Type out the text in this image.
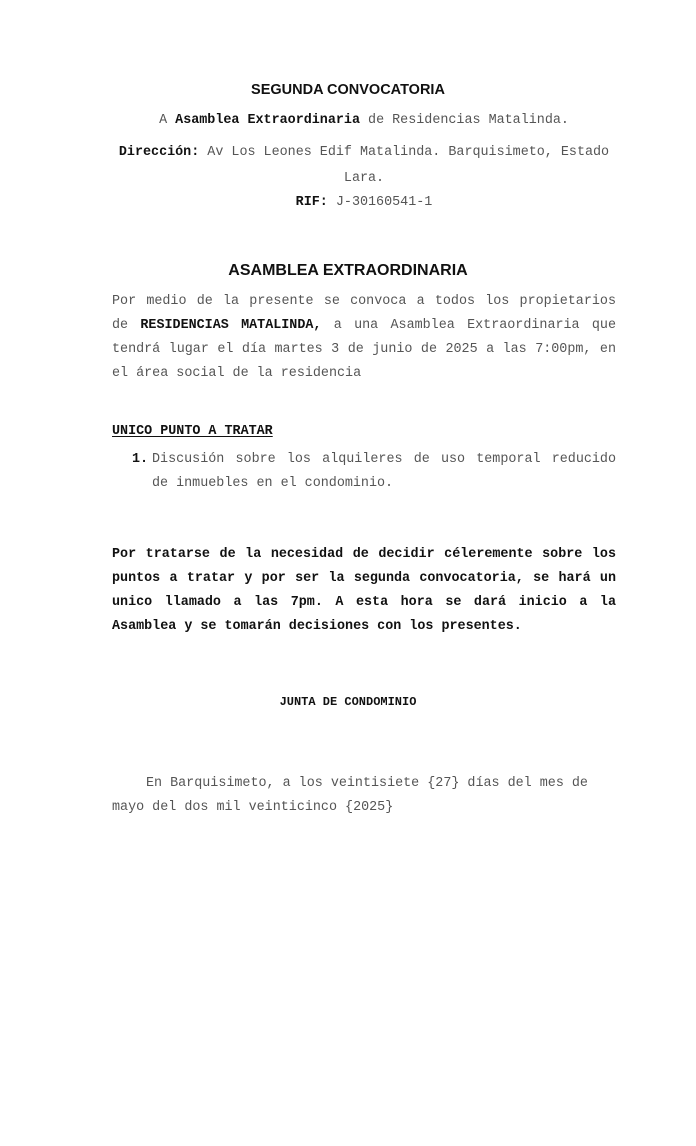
SEGUNDA CONVOCATORIA
A Asamblea Extraordinaria de Residencias Matalinda.
Dirección: Av Los Leones Edif Matalinda. Barquisimeto, Estado
Lara.
RIF: J-30160541-1
ASAMBLEA EXTRAORDINARIA
Por medio de la presente se convoca a todos los propietarios
de RESIDENCIAS MATALINDA, a una Asamblea Extraordinaria que
tendrá lugar el día martes 3 de junio de 2025 a las 7:00pm, en
el área social de la residencia
UNICO PUNTO A TRATAR
1. Discusión sobre los alquileres de uso temporal reducido
de inmuebles en el condominio.
Por tratarse de la necesidad de decidir céleremente sobre los
puntos a tratar y por ser la segunda convocatoria, se hará un
unico llamado a las 7pm. A esta hora se dará inicio a la
Asamblea y se tomarán decisiones con los presentes.
JUNTA DE CONDOMINIO
En Barquisimeto, a los veintisiete {27} días del mes de
mayo del dos mil veinticinco {2025}
